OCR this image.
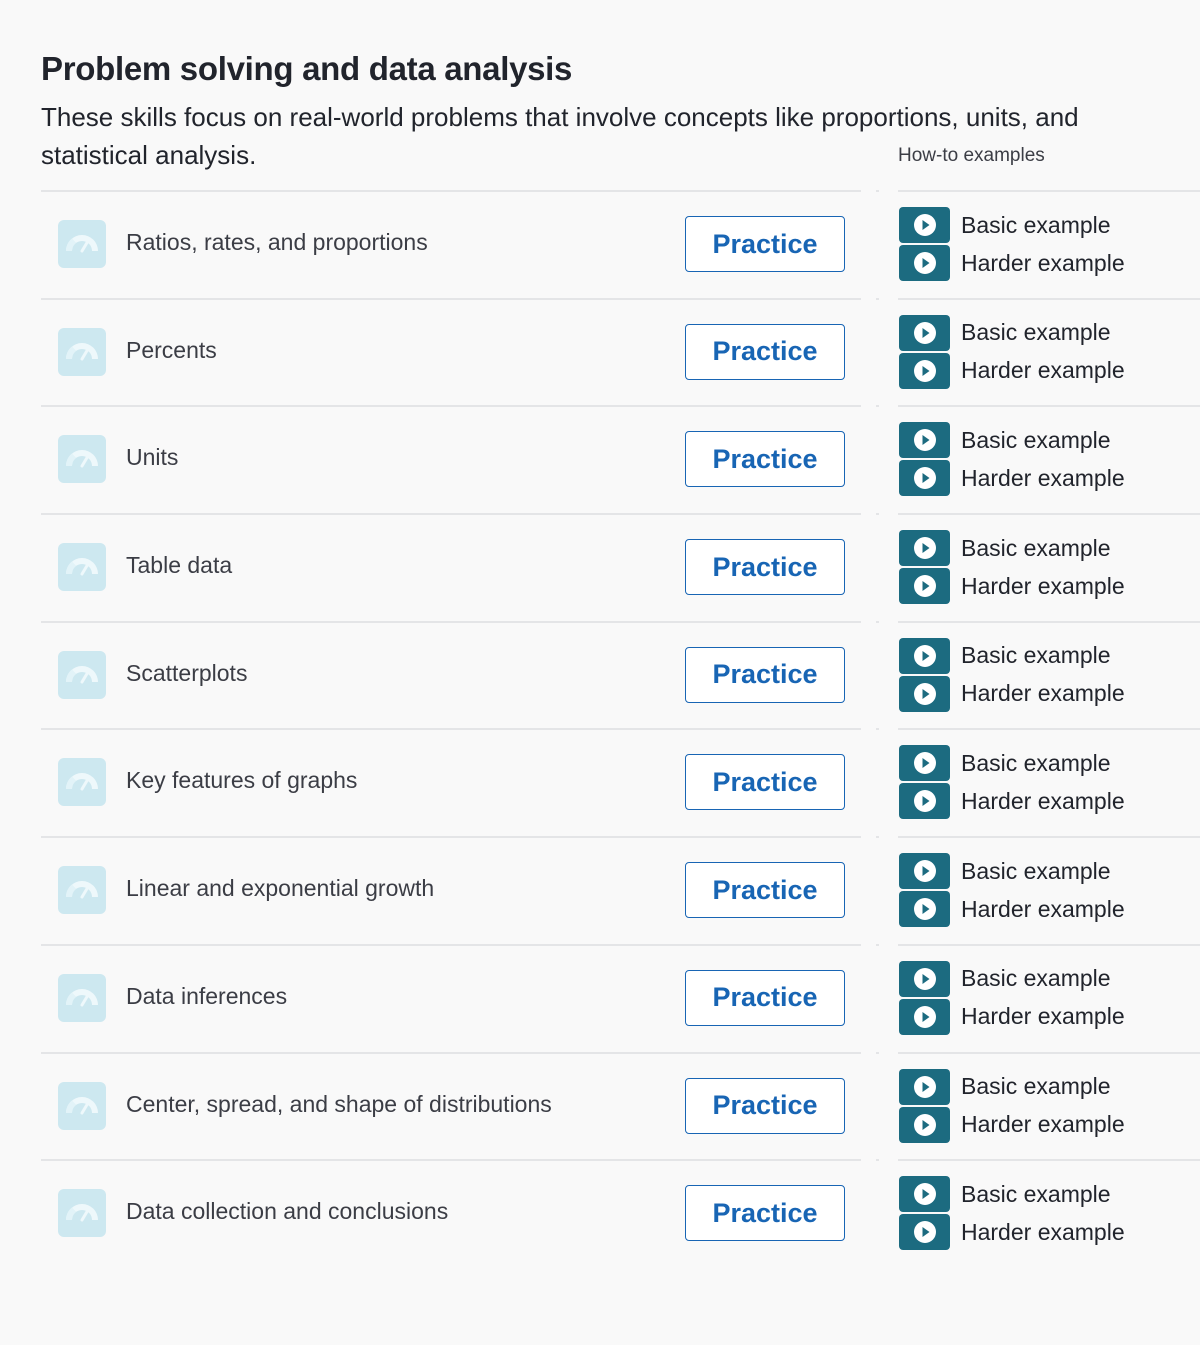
Problem solving and data analysis

These skills focus on real-world problems that involve concepts like proportions, units, and statistical analysis.	How-to examples
Ratios, rates, and proportions	Practice
Basic example
Harder example
Percents	Practice
Basic example
Harder example
Units	Practice
Basic example
Harder example
Table data	Practice
Basic example
Harder example
Scatterplots	Practice
Basic example
Harder example
Key features of graphs	Practice
Basic example
Harder example
Linear and exponential growth	Practice
Basic example
Harder example
Data inferences	Practice
Basic example
Harder example
Center, spread, and shape of distributions	Practice
Basic example
Harder example
Data collection and conclusions	Practice
Basic example
Harder example
